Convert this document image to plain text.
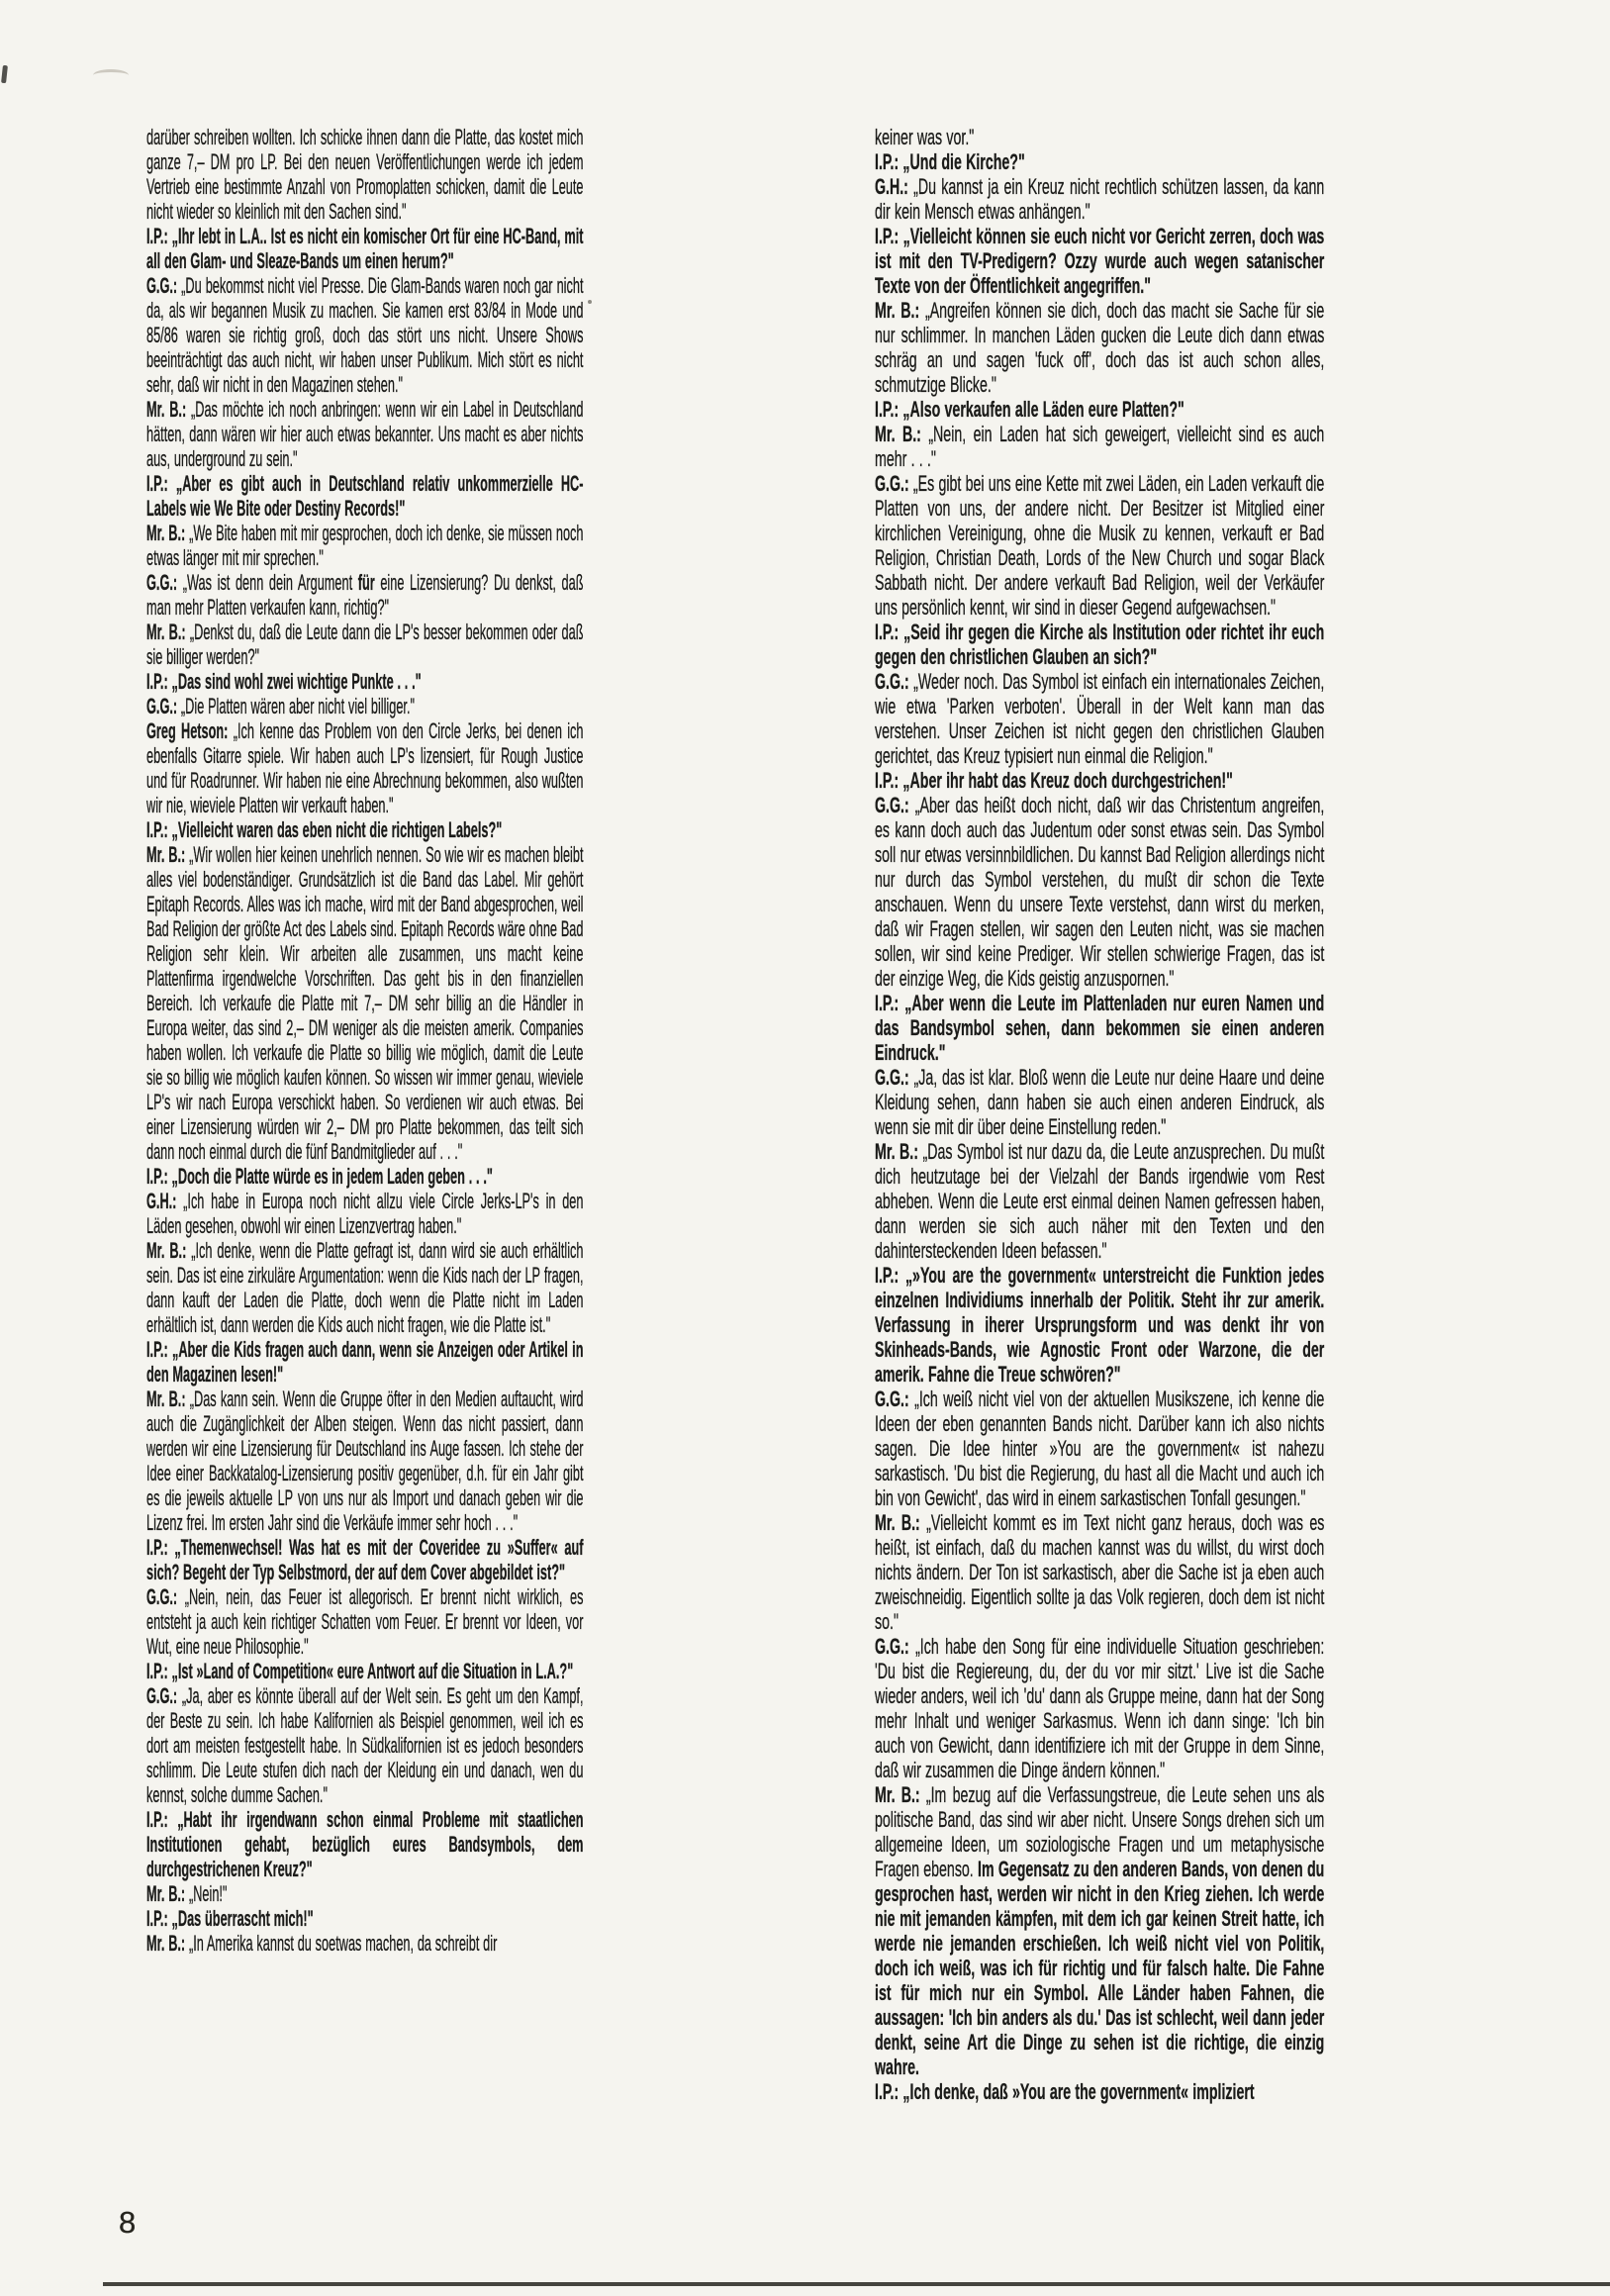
darüber schreiben wollten. Ich schicke ihnen dann die Platte, das kostet mich ganze 7,– DM pro LP. Bei den neuen Veröffentlichungen werde ich jedem Vertrieb eine bestimmte Anzahl von Promoplatten schicken, damit die Leute nicht wieder so kleinlich mit den Sachen sind."

I.P.: „Ihr lebt in L.A.. Ist es nicht ein komischer Ort für eine HC-Band, mit all den Glam- und Sleaze-Bands um einen herum?"

G.G.: „Du bekommst nicht viel Presse. Die Glam-Bands waren noch gar nicht da, als wir begannen Musik zu machen. Sie kamen erst 83/84 in Mode und 85/86 waren sie richtig groß, doch das stört uns nicht. Unsere Shows beeinträchtigt das auch nicht, wir haben unser Publikum. Mich stört es nicht sehr, daß wir nicht in den Magazinen stehen."

Mr. B.: „Das möchte ich noch anbringen: wenn wir ein Label in Deutschland hätten, dann wären wir hier auch etwas bekannter. Uns macht es aber nichts aus, underground zu sein."

I.P.: „Aber es gibt auch in Deutschland relativ unkommerzielle HC-Labels wie We Bite oder Destiny Records!"

Mr. B.: „We Bite haben mit mir gesprochen, doch ich denke, sie müssen noch etwas länger mit mir sprechen."

G.G.: „Was ist denn dein Argument für eine Lizensierung? Du denkst, daß man mehr Platten verkaufen kann, richtig?"

Mr. B.: „Denkst du, daß die Leute dann die LP's besser bekommen oder daß sie billiger werden?"

I.P.: „Das sind wohl zwei wichtige Punkte . . ."

G.G.: „Die Platten wären aber nicht viel billiger."

Greg Hetson: „Ich kenne das Problem von den Circle Jerks, bei denen ich ebenfalls Gitarre spiele. Wir haben auch LP's lizensiert, für Rough Justice und für Roadrunner. Wir haben nie eine Abrechnung bekommen, also wußten wir nie, wieviele Platten wir verkauft haben."

I.P.: „Vielleicht waren das eben nicht die richtigen Labels?"

Mr. B.: „Wir wollen hier keinen unehrlich nennen. So wie wir es machen bleibt alles viel bodenständiger. Grundsätzlich ist die Band das Label. Mir gehört Epitaph Records. Alles was ich mache, wird mit der Band abgesprochen, weil Bad Religion der größte Act des Labels sind. Epitaph Records wäre ohne Bad Religion sehr klein. Wir arbeiten alle zusammen, uns macht keine Plattenfirma irgendwelche Vorschriften. Das geht bis in den finanziellen Bereich. Ich verkaufe die Platte mit 7,– DM sehr billig an die Händler in Europa weiter, das sind 2,– DM weniger als die meisten amerik. Companies haben wollen. Ich verkaufe die Platte so billig wie möglich, damit die Leute sie so billig wie möglich kaufen können. So wissen wir immer genau, wieviele LP's wir nach Europa verschickt haben. So verdienen wir auch etwas. Bei einer Lizensierung würden wir 2,– DM pro Platte bekommen, das teilt sich dann noch einmal durch die fünf Bandmitglieder auf . . ."

I.P.: „Doch die Platte würde es in jedem Laden geben . . ."

G.H.: „Ich habe in Europa noch nicht allzu viele Circle Jerks-LP's in den Läden gesehen, obwohl wir einen Lizenzvertrag haben."

Mr. B.: „Ich denke, wenn die Platte gefragt ist, dann wird sie auch erhältlich sein. Das ist eine zirkuläre Argumentation: wenn die Kids nach der LP fragen, dann kauft der Laden die Platte, doch wenn die Platte nicht im Laden erhältlich ist, dann werden die Kids auch nicht fragen, wie die Platte ist."

I.P.: „Aber die Kids fragen auch dann, wenn sie Anzeigen oder Artikel in den Magazinen lesen!"

Mr. B.: „Das kann sein. Wenn die Gruppe öfter in den Medien auftaucht, wird auch die Zugänglichkeit der Alben steigen. Wenn das nicht passiert, dann werden wir eine Lizensierung für Deutschland ins Auge fassen. Ich stehe der Idee einer Backkatalog-Lizensierung positiv gegenüber, d.h. für ein Jahr gibt es die jeweils aktuelle LP von uns nur als Import und danach geben wir die Lizenz frei. Im ersten Jahr sind die Verkäufe immer sehr hoch . . ."

I.P.: „Themenwechsel! Was hat es mit der Coveridee zu »Suffer« auf sich? Begeht der Typ Selbstmord, der auf dem Cover abgebildet ist?"

G.G.: „Nein, nein, das Feuer ist allegorisch. Er brennt nicht wirklich, es entsteht ja auch kein richtiger Schatten vom Feuer. Er brennt vor Ideen, vor Wut, eine neue Philosophie."

I.P.: „Ist »Land of Competition« eure Antwort auf die Situation in L.A.?"

G.G.: „Ja, aber es könnte überall auf der Welt sein. Es geht um den Kampf, der Beste zu sein. Ich habe Kalifornien als Beispiel genommen, weil ich es dort am meisten festgestellt habe. In Südkalifornien ist es jedoch besonders schlimm. Die Leute stufen dich nach der Kleidung ein und danach, wen du kennst, solche dumme Sachen."

I.P.: „Habt ihr irgendwann schon einmal Probleme mit staatlichen Institutionen gehabt, bezüglich eures Bandsymbols, dem durchgestrichenen Kreuz?"

Mr. B.: „Nein!"

I.P.: „Das überrascht mich!"

Mr. B.: „In Amerika kannst du soetwas machen, da schreibt dir

keiner was vor."

I.P.: „Und die Kirche?"

G.H.: „Du kannst ja ein Kreuz nicht rechtlich schützen lassen, da kann dir kein Mensch etwas anhängen."

I.P.: „Vielleicht können sie euch nicht vor Gericht zerren, doch was ist mit den TV-Predigern? Ozzy wurde auch wegen satanischer Texte von der Öffentlichkeit angegriffen."

Mr. B.: „Angreifen können sie dich, doch das macht sie Sache für sie nur schlimmer. In manchen Läden gucken die Leute dich dann etwas schräg an und sagen 'fuck off', doch das ist auch schon alles, schmutzige Blicke."

I.P.: „Also verkaufen alle Läden eure Platten?"

Mr. B.: „Nein, ein Laden hat sich geweigert, vielleicht sind es auch mehr . . ."

G.G.: „Es gibt bei uns eine Kette mit zwei Läden, ein Laden verkauft die Platten von uns, der andere nicht. Der Besitzer ist Mitglied einer kirchlichen Vereinigung, ohne die Musik zu kennen, verkauft er Bad Religion, Christian Death, Lords of the New Church und sogar Black Sabbath nicht. Der andere verkauft Bad Religion, weil der Verkäufer uns persönlich kennt, wir sind in dieser Gegend aufgewachsen."

I.P.: „Seid ihr gegen die Kirche als Institution oder richtet ihr euch gegen den christlichen Glauben an sich?"

G.G.: „Weder noch. Das Symbol ist einfach ein internationales Zeichen, wie etwa 'Parken verboten'. Überall in der Welt kann man das verstehen. Unser Zeichen ist nicht gegen den christlichen Glauben gerichtet, das Kreuz typisiert nun einmal die Religion."

I.P.: „Aber ihr habt das Kreuz doch durchgestrichen!"

G.G.: „Aber das heißt doch nicht, daß wir das Christentum angreifen, es kann doch auch das Judentum oder sonst etwas sein. Das Symbol soll nur etwas versinnbildlichen. Du kannst Bad Religion allerdings nicht nur durch das Symbol verstehen, du mußt dir schon die Texte anschauen. Wenn du unsere Texte verstehst, dann wirst du merken, daß wir Fragen stellen, wir sagen den Leuten nicht, was sie machen sollen, wir sind keine Prediger. Wir stellen schwierige Fragen, das ist der einzige Weg, die Kids geistig anzuspornen."

I.P.: „Aber wenn die Leute im Plattenladen nur euren Namen und das Bandsymbol sehen, dann bekommen sie einen anderen Eindruck."

G.G.: „Ja, das ist klar. Bloß wenn die Leute nur deine Haare und deine Kleidung sehen, dann haben sie auch einen anderen Eindruck, als wenn sie mit dir über deine Einstellung reden."

Mr. B.: „Das Symbol ist nur dazu da, die Leute anzusprechen. Du mußt dich heutzutage bei der Vielzahl der Bands irgendwie vom Rest abheben. Wenn die Leute erst einmal deinen Namen gefressen haben, dann werden sie sich auch näher mit den Texten und den dahintersteckenden Ideen befassen."

I.P.: „»You are the government« unterstreicht die Funktion jedes einzelnen Individiums innerhalb der Politik. Steht ihr zur amerik. Verfassung in iherer Ursprungsform und was denkt ihr von Skinheads-Bands, wie Agnostic Front oder Warzone, die der amerik. Fahne die Treue schwören?"

G.G.: „Ich weiß nicht viel von der aktuellen Musikszene, ich kenne die Ideen der eben genannten Bands nicht. Darüber kann ich also nichts sagen. Die Idee hinter »You are the government« ist nahezu sarkastisch. 'Du bist die Regierung, du hast all die Macht und auch ich bin von Gewicht', das wird in einem sarkastischen Tonfall gesungen."

Mr. B.: „Vielleicht kommt es im Text nicht ganz heraus, doch was es heißt, ist einfach, daß du machen kannst was du willst, du wirst doch nichts ändern. Der Ton ist sarkastisch, aber die Sache ist ja eben auch zweischneidig. Eigentlich sollte ja das Volk regieren, doch dem ist nicht so."

G.G.: „Ich habe den Song für eine individuelle Situation geschrieben: 'Du bist die Regiereung, du, der du vor mir sitzt.' Live ist die Sache wieder anders, weil ich 'du' dann als Gruppe meine, dann hat der Song mehr Inhalt und weniger Sarkasmus. Wenn ich dann singe: 'Ich bin auch von Gewicht, dann identifiziere ich mit der Gruppe in dem Sinne, daß wir zusammen die Dinge ändern können."

Mr. B.: „Im bezug auf die Verfassungstreue, die Leute sehen uns als politische Band, das sind wir aber nicht. Unsere Songs drehen sich um allgemeine Ideen, um soziologische Fragen und um metaphysische Fragen ebenso. Im Gegensatz zu den anderen Bands, von denen du gesprochen hast, werden wir nicht in den Krieg ziehen. Ich werde nie mit jemanden kämpfen, mit dem ich gar keinen Streit hatte, ich werde nie jemanden erschießen. Ich weiß nicht viel von Politik, doch ich weiß, was ich für richtig und für falsch halte. Die Fahne ist für mich nur ein Symbol. Alle Länder haben Fahnen, die aussagen: 'Ich bin anders als du.' Das ist schlecht, weil dann jeder denkt, seine Art die Dinge zu sehen ist die richtige, die einzig wahre.

I.P.: „Ich denke, daß »You are the government« impliziert

8
